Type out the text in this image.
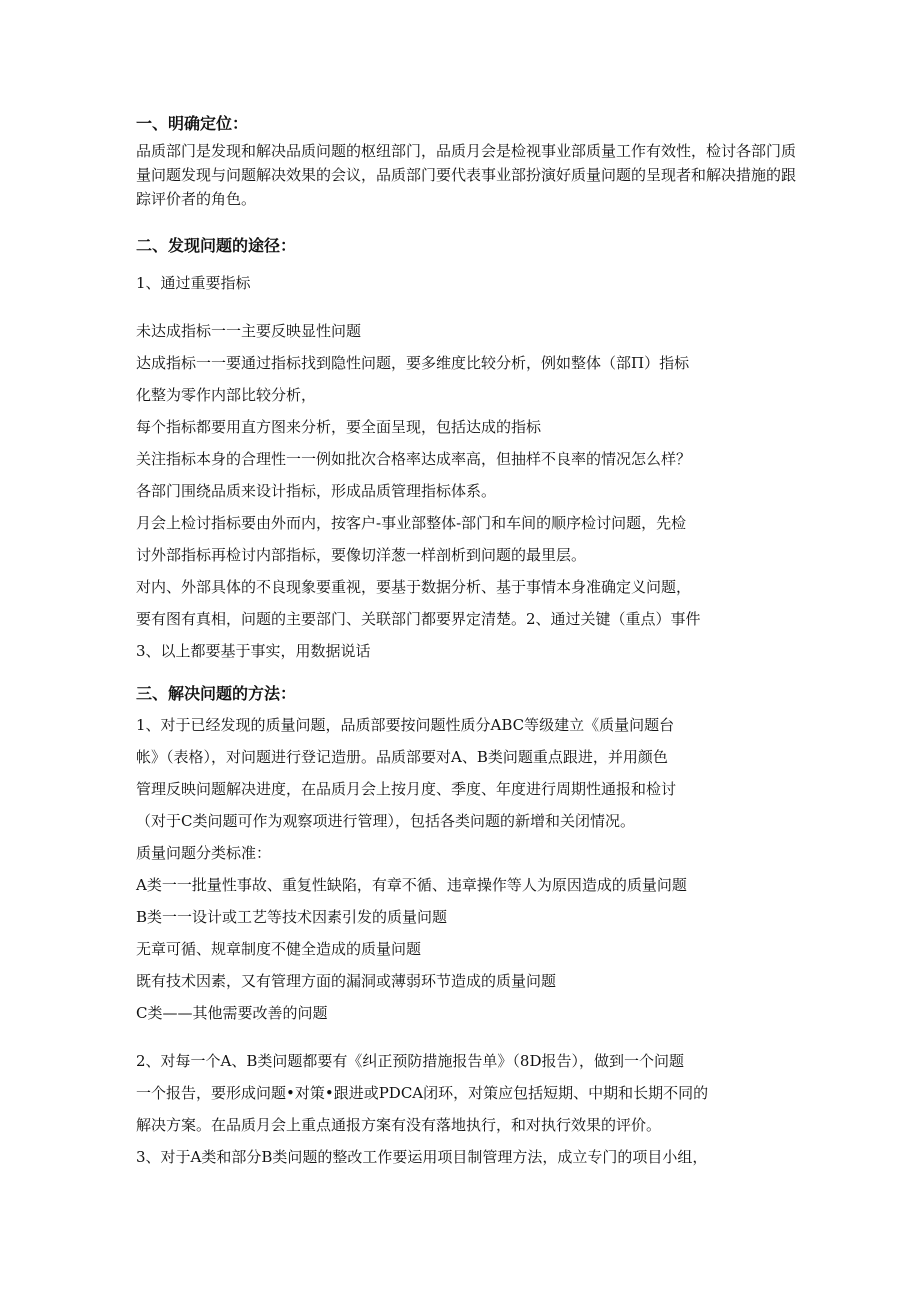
一、明确定位：

品质部门是发现和解决品质问题的枢纽部门，品质月会是检视事业部质量工作有效性，检讨各部门质量问题发现与问题解决效果的会议，品质部门要代表事业部扮演好质量问题的呈现者和解决措施的跟踪评价者的角色。

二、发现问题的途径：

1、通过重要指标

未达成指标一一主要反映显性问题

达成指标一一要通过指标找到隐性问题，要多维度比较分析，例如整体（部Π）指标

化整为零作内部比较分析，

每个指标都要用直方图来分析，要全面呈现，包括达成的指标

关注指标本身的合理性一一例如批次合格率达成率高，但抽样不良率的情况怎么样？

各部门围绕品质来设计指标，形成品质管理指标体系。

月会上检讨指标要由外而内，按客户-事业部整体-部门和车间的顺序检讨问题，先检

讨外部指标再检讨内部指标，要像切洋葱一样剖析到问题的最里层。

对内、外部具体的不良现象要重视，要基于数据分析、基于事情本身准确定义问题，

要有图有真相，问题的主要部门、关联部门都要界定清楚。2、通过关键（重点）事件

3、以上都要基于事实，用数据说话

三、解决问题的方法：

1、对于已经发现的质量问题，品质部要按问题性质分ABC等级建立《质量问题台

帐》（表格），对问题进行登记造册。品质部要对A、B类问题重点跟进，并用颜色

管理反映问题解决进度，在品质月会上按月度、季度、年度进行周期性通报和检讨

（对于C类问题可作为观察项进行管理），包括各类问题的新增和关闭情况。

质量问题分类标准：

A类一一批量性事故、重复性缺陷，有章不循、违章操作等人为原因造成的质量问题

B类一一设计或工艺等技术因素引发的质量问题

无章可循、规章制度不健全造成的质量问题

既有技术因素，又有管理方面的漏洞或薄弱环节造成的质量问题

C类——其他需要改善的问题

2、对每一个A、B类问题都要有《纠正预防措施报告单》（8D报告），做到一个问题

一个报告，要形成问题•对策•跟进或PDCA闭环，对策应包括短期、中期和长期不同的

解决方案。在品质月会上重点通报方案有没有落地执行，和对执行效果的评价。

3、对于A类和部分B类问题的整改工作要运用项目制管理方法，成立专门的项目小组，
